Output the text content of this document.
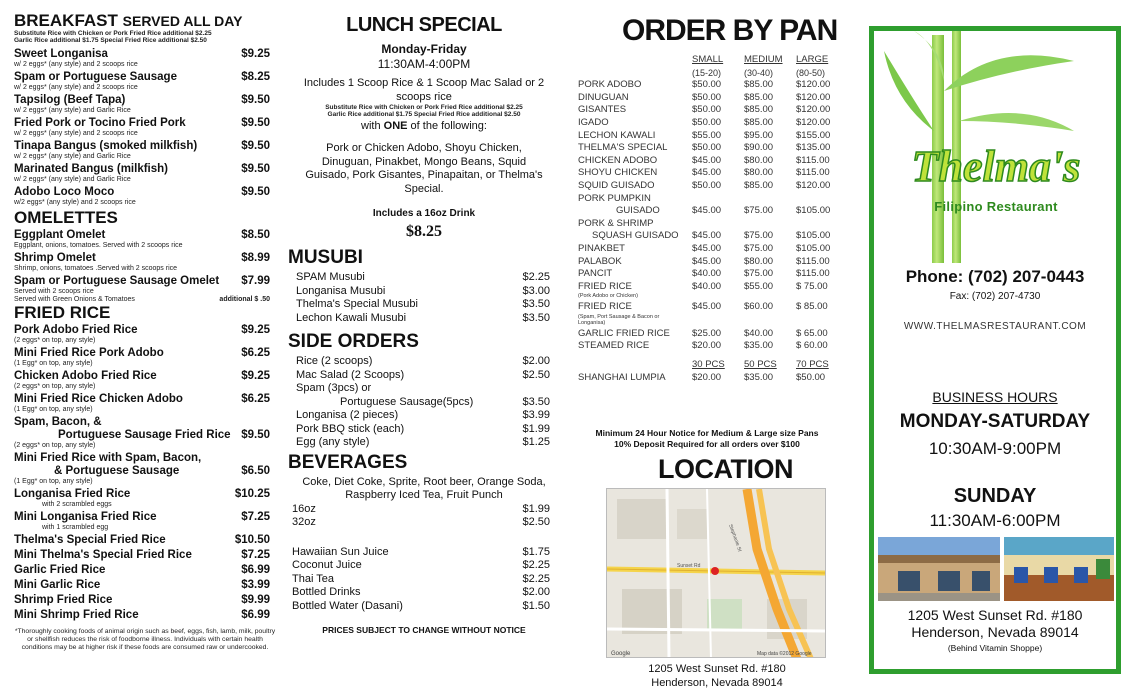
BREAKFAST SERVED ALL DAY
Substitute Rice with Chicken or Pork Fried Rice additional $2.25
Garlic Rice additional $1.75 Special Fried Rice additional $2.50
Sweet Longanisa	$9.25
w/ 2 eggs* (any style) and 2 scoops rice
Spam or Portuguese Sausage	$8.25
w/ 2 eggs* (any style) and 2 scoops rice
Tapsilog (Beef Tapa)	$9.50
w/ 2 eggs* (any style) and Garlic Rice
Fried Pork or Tocino Fried Pork	$9.50
w/ 2 eggs* (any style) and 2 scoops rice
Tinapa Bangus (smoked milkfish)	$9.50
w/ 2 eggs* (any style) and Garlic Rice
Marinated Bangus (milkfish)	$9.50
w/ 2 eggs* (any style) and Garlic Rice
Adobo Loco Moco	$9.50
w/2 eggs* (any style) and 2 scoops rice
OMELETTES
Eggplant Omelet	$8.50
Eggplant, onions, tomatoes. Served with 2 scoops rice
Shrimp Omelet	$8.99
Shrimp, onions, tomatoes .Served with 2 scoops rice
Spam or Portuguese Sausage Omelet $7.99
Served with 2 scoops rice
Served with Green Onions & Tomatoes	additional $ .50
FRIED RICE
Pork Adobo Fried Rice	$9.25
(2 eggs* on top, any style)
Mini Fried Rice Pork Adobo	$6.25
(1 Egg* on top, any style)
Chicken Adobo Fried Rice	$9.25
(2 eggs* on top, any style)
Mini Fried Rice Chicken Adobo	$6.25
(1 Egg* on top, any style)
Spam, Bacon, &
Portuguese Sausage Fried Rice $9.50
(2 eggs* on top, any style)
Mini Fried Rice with Spam, Bacon,
& Portuguese Sausage	$6.50
(1 Egg* on top, any style)
Longanisa Fried Rice	$10.25
with 2 scrambled eggs
Mini Longanisa Fried Rice	$7.25
with 1 scrambled egg
Thelma's Special Fried Rice	$10.50
Mini Thelma's Special Fried Rice	$7.25
Garlic Fried Rice	$6.99
Mini Garlic Rice	$3.99
Shrimp Fried Rice	$9.99
Mini Shrimp Fried Rice	$6.99
*Thoroughly cooking foods of animal origin such as beef, eggs, fish, lamb, milk, poultry or shellfish reduces the risk of foodborne illness. Individuals with certain health conditions may be at higher risk if these foods are consumed raw or undercooked.
LUNCH SPECIAL
Monday-Friday
11:30AM-4:00PM
Includes 1 Scoop Rice & 1 Scoop Mac Salad or 2 scoops rice
Substitute Rice with Chicken or Pork Fried Rice additional $2.25
Garlic Rice additional $1.75 Special Fried Rice additional $2.50
with ONE of the following:
Pork or Chicken Adobo, Shoyu Chicken, Dinuguan, Pinakbet, Mongo Beans, Squid Guisado, Pork Gisantes, Pinapaitan, or Thelma's Special.
Includes a 16oz Drink
$8.25
MUSUBI
SPAM Musubi	$2.25
Longanisa Musubi	$3.00
Thelma's Special Musubi	$3.50
Lechon Kawali Musubi	$3.50
SIDE ORDERS
Rice (2 scoops)	$2.00
Mac Salad (2 Scoops)	$2.50
Spam (3pcs) or
Portuguese Sausage(5pcs)	$3.50
Longanisa (2 pieces)	$3.99
Pork BBQ stick (each)	$1.99
Egg (any style)	$1.25
BEVERAGES
Coke, Diet Coke, Sprite, Root beer, Orange Soda, Raspberry Iced Tea, Fruit Punch
16oz	$1.99
32oz	$2.50
Hawaiian Sun Juice	$1.75
Coconut Juice	$2.25
Thai Tea	$2.25
Bottled Drinks	$2.00
Bottled Water (Dasani)	$1.50
PRICES SUBJECT TO CHANGE WITHOUT NOTICE
ORDER BY PAN
SMALL	MEDIUM	LARGE
(15-20)	(30-40)	(80-50)
PORK ADOBO	$50.00	$85.00	$120.00
DINUGUAN	$50.00	$85.00	$120.00
GISANTES	$50.00	$85.00	$120.00
IGADO	$50.00	$85.00	$120.00
LECHON KAWALI	$55.00	$95.00	$155.00
THELMA'S SPECIAL	$50.00	$90.00	$135.00
CHICKEN ADOBO	$45.00	$80.00	$115.00
SHOYU CHICKEN	$45.00	$80.00	$115.00
SQUID GUISADO	$50.00	$85.00	$120.00
PORK PUMPKIN
GUISADO	$45.00	$75.00	$105.00
PORK & SHRIMP
SQUASH GUISADO	$45.00	$75.00	$105.00
PINAKBET	$45.00	$75.00	$105.00
PALABOK	$45.00	$80.00	$115.00
PANCIT	$40.00	$75.00	$115.00
FRIED RICE	$40.00	$55.00	$ 75.00
(Pork Adobo or Chicken)
FRIED RICE	$45.00	$60.00	$ 85.00
(Spam, Port Sausage & Bacon or Longanisa)
GARLIC FRIED RICE	$25.00	$40.00	$ 65.00
STEAMED RICE	$20.00	$35.00	$ 60.00
30 PCS	50 PCS	70 PCS
SHANGHAI LUMPIA	$20.00	$35.00	$50.00
Minimum 24 Hour Notice for Medium & Large size Pans
10% Deposit Required for all orders over $100
LOCATION
Sunset Rd
Stephanie St
Google	Map data ©2012 Google
1205 West Sunset Rd. #180
Henderson, Nevada 89014
Thelma's
Filipino Restaurant
Phone: (702) 207-0443
Fax: (702) 207-4730
WWW.THELMASRESTAURANT.COM
BUSINESS HOURS
MONDAY-SATURDAY
10:30AM-9:00PM
SUNDAY
11:30AM-6:00PM
1205 West Sunset Rd. #180
Henderson, Nevada 89014
(Behind Vitamin Shoppe)
